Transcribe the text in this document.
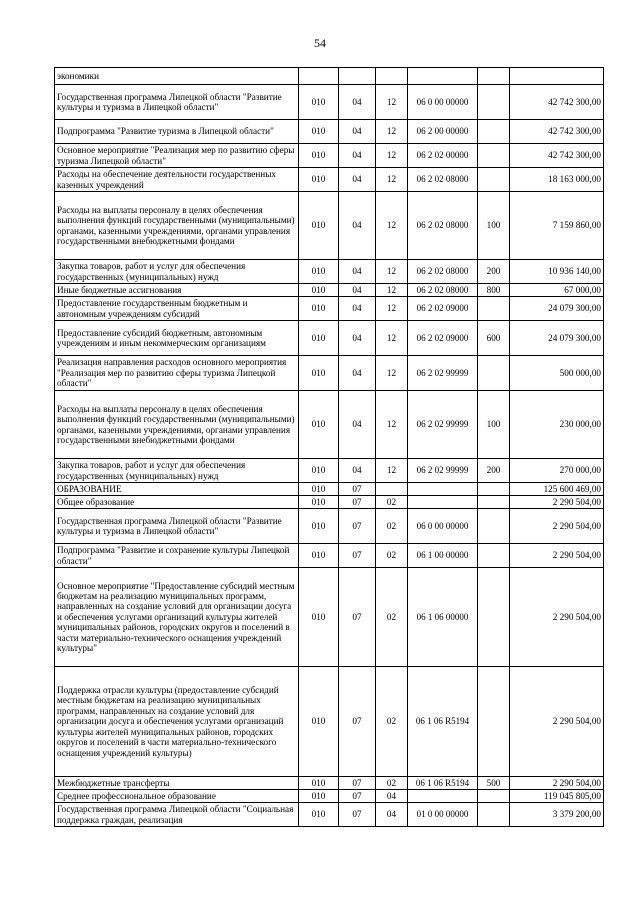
54
экономики						
Государственная программа Липецкой области "Развитие культуры и туризма в Липецкой области"	010	04	12	06 0 00 00000		42 742 300,00
Подпрограмма "Развитие туризма в Липецкой области"	010	04	12	06 2 00 00000		42 742 300,00
Основное мероприятие "Реализация мер по развитию сферы туризма Липецкой области"	010	04	12	06 2 02 00000		42 742 300,00
Расходы на обеспечение деятельности государственных казенных учреждений	010	04	12	06 2 02 08000		18 163 000,00
Расходы на выплаты персоналу в целях обеспечения выполнения функций государственными (муниципальными) органами, казенными учреждениями, органами управления государственными внебюджетными фондами	010	04	12	06 2 02 08000	100	7 159 860,00
Закупка товаров, работ и услуг для обеспечения государственных (муниципальных) нужд	010	04	12	06 2 02 08000	200	10 936 140,00
Иные бюджетные ассигнования	010	04	12	06 2 02 08000	800	67 000,00
Предоставление государственным бюджетным и автономным учреждениям субсидий	010	04	12	06 2 02 09000		24 079 300,00
Предоставление субсидий бюджетным, автономным учреждениям и иным некоммерческим организациям	010	04	12	06 2 02 09000	600	24 079 300,00
Реализация направления расходов основного мероприятия "Реализация мер по развитию сферы туризма Липецкой области"	010	04	12	06 2 02 99999		500 000,00
Расходы на выплаты персоналу в целях обеспечения выполнения функций государственными (муниципальными) органами, казенными учреждениями, органами управления государственными внебюджетными фондами	010	04	12	06 2 02 99999	100	230 000,00
Закупка товаров, работ и услуг для обеспечения государственных (муниципальных) нужд	010	04	12	06 2 02 99999	200	270 000,00
ОБРАЗОВАНИЕ	010	07				125 600 469,00
Общее образование	010	07	02			2 290 504,00
Государственная программа Липецкой области "Развитие культуры и туризма в Липецкой области"	010	07	02	06 0 00 00000		2 290 504,00
Подпрограмма "Развитие и сохранение культуры Липецкой области"	010	07	02	06 1 00 00000		2 290 504,00
Основное мероприятие "Предоставление субсидий местным бюджетам на реализацию муниципальных программ, направленных на создание условий для организации досуга и обеспечения услугами организаций культуры жителей муниципальных районов, городских округов и поселений в части материально-технического оснащения учреждений культуры"	010	07	02	06 1 06 00000		2 290 504,00
Поддержка отрасли культуры (предоставление субсидий местным бюджетам на реализацию муниципальных программ, направленных на создание условий для организации досуга и обеспечения услугами организаций культуры жителей муниципальных районов, городских округов и поселений в части материально-технического оснащения учреждений культуры)	010	07	02	06 1 06 R5194		2 290 504,00
Межбюджетные трансферты	010	07	02	06 1 06 R5194	500	2 290 504,00
Среднее профессиональное образование	010	07	04			119 045 805,00
Государственная программа Липецкой области "Социальная поддержка граждан, реализация	010	07	04	01 0 00 00000		3 379 200,00
